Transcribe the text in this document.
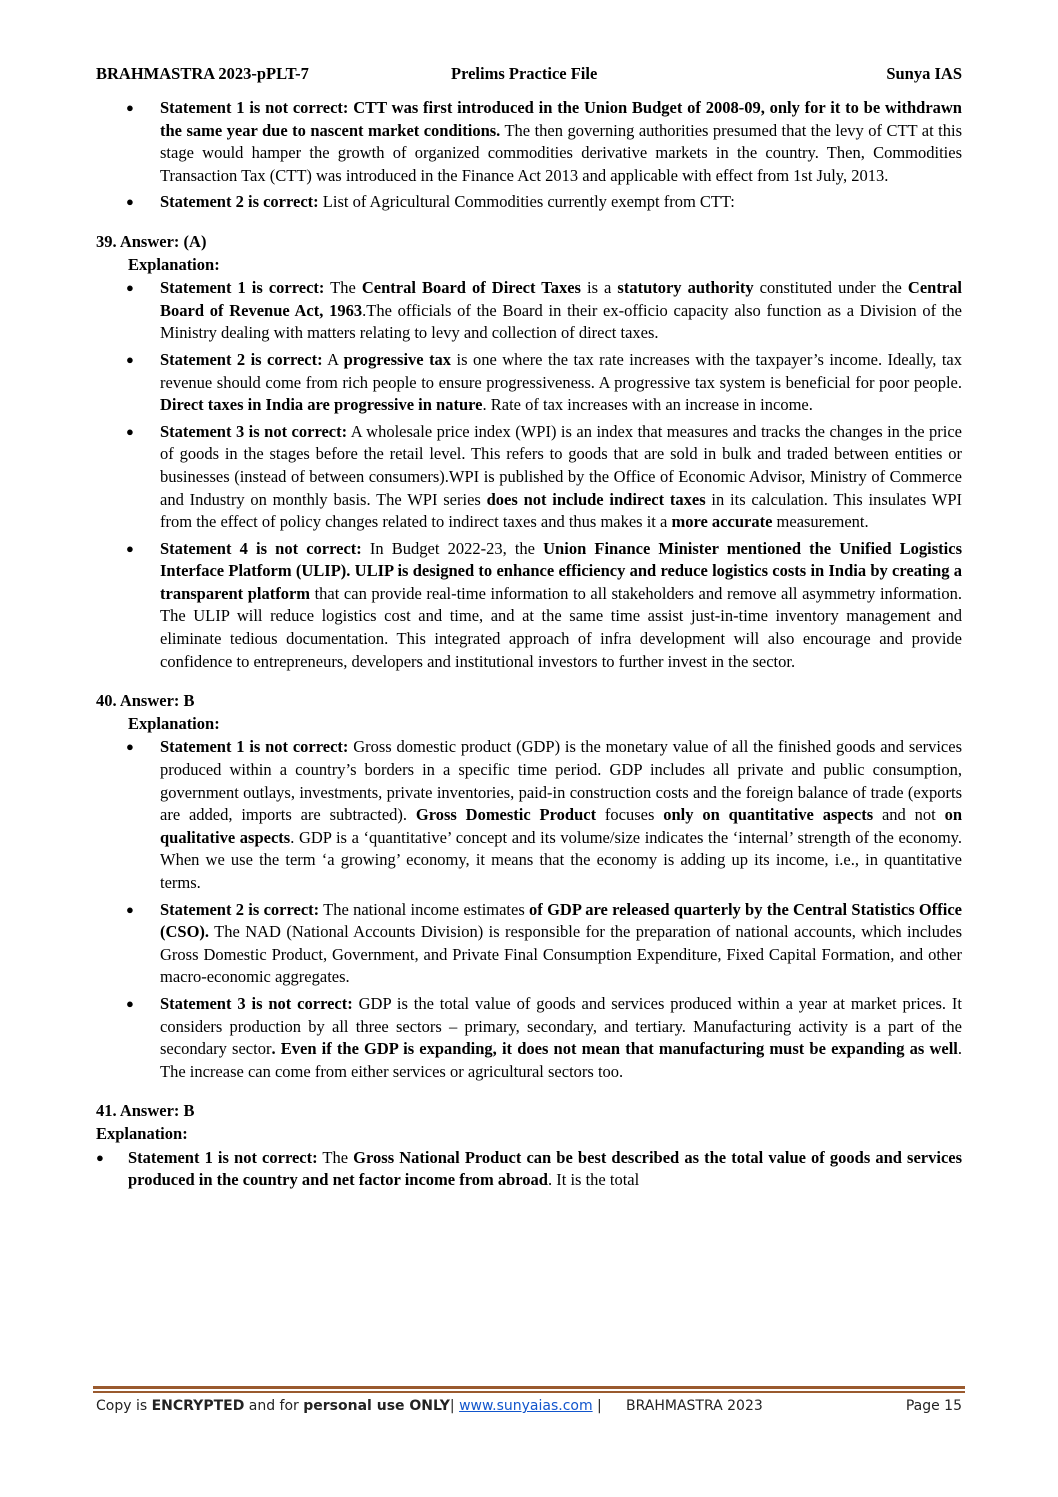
BRAHMASTRA 2023-pPLT-7	Prelims Practice File	Sunya IAS
● Statement 1 is not correct: CTT was first introduced in the Union Budget of 2008-09, only for it to be withdrawn the same year due to nascent market conditions. The then governing authorities presumed that the levy of CTT at this stage would hamper the growth of organized commodities derivative markets in the country. Then, Commodities Transaction Tax (CTT) was introduced in the Finance Act 2013 and applicable with effect from 1st July, 2013.
● Statement 2 is correct: List of Agricultural Commodities currently exempt from CTT:

39. Answer: (A)

Explanation:

● Statement 1 is correct: The Central Board of Direct Taxes is a statutory authority constituted under the Central Board of Revenue Act, 1963.The officials of the Board in their ex-officio capacity also function as a Division of the Ministry dealing with matters relating to levy and collection of direct taxes.
● Statement 2 is correct: A progressive tax is one where the tax rate increases with the taxpayer’s income. Ideally, tax revenue should come from rich people to ensure progressiveness. A progressive tax system is beneficial for poor people. Direct taxes in India are progressive in nature. Rate of tax increases with an increase in income.
● Statement 3 is not correct: A wholesale price index (WPI) is an index that measures and tracks the changes in the price of goods in the stages before the retail level. This refers to goods that are sold in bulk and traded between entities or businesses (instead of between consumers).WPI is published by the Office of Economic Advisor, Ministry of Commerce and Industry on monthly basis. The WPI series does not include indirect taxes in its calculation. This insulates WPI from the effect of policy changes related to indirect taxes and thus makes it a more accurate measurement.
● Statement 4 is not correct: In Budget 2022-23, the Union Finance Minister mentioned the Unified Logistics Interface Platform (ULIP). ULIP is designed to enhance efficiency and reduce logistics costs in India by creating a transparent platform that can provide real-time information to all stakeholders and remove all asymmetry information. The ULIP will reduce logistics cost and time, and at the same time assist just-in-time inventory management and eliminate tedious documentation. This integrated approach of infra development will also encourage and provide confidence to entrepreneurs, developers and institutional investors to further invest in the sector.

40. Answer: B

Explanation:

● Statement 1 is not correct: Gross domestic product (GDP) is the monetary value of all the finished goods and services produced within a country’s borders in a specific time period. GDP includes all private and public consumption, government outlays, investments, private inventories, paid-in construction costs and the foreign balance of trade (exports are added, imports are subtracted). Gross Domestic Product focuses only on quantitative aspects and not on qualitative aspects. GDP is a ‘quantitative’ concept and its volume/size indicates the ‘internal’ strength of the economy. When we use the term ‘a growing’ economy, it means that the economy is adding up its income, i.e., in quantitative terms.
● Statement 2 is correct: The national income estimates of GDP are released quarterly by the Central Statistics Office (CSO). The NAD (National Accounts Division) is responsible for the preparation of national accounts, which includes Gross Domestic Product, Government, and Private Final Consumption Expenditure, Fixed Capital Formation, and other macro-economic aggregates.
● Statement 3 is not correct: GDP is the total value of goods and services produced within a year at market prices. It considers production by all three sectors – primary, secondary, and tertiary. Manufacturing activity is a part of the secondary sector. Even if the GDP is expanding, it does not mean that manufacturing must be expanding as well. The increase can come from either services or agricultural sectors too.

41. Answer: B

Explanation:

● Statement 1 is not correct: The Gross National Product can be best described as the total value of goods and services produced in the country and net factor income from abroad. It is the total
Copy is ENCRYPTED and for personal use ONLY| www.sunyaias.com | BRAHMASTRA 2023	Page 15
